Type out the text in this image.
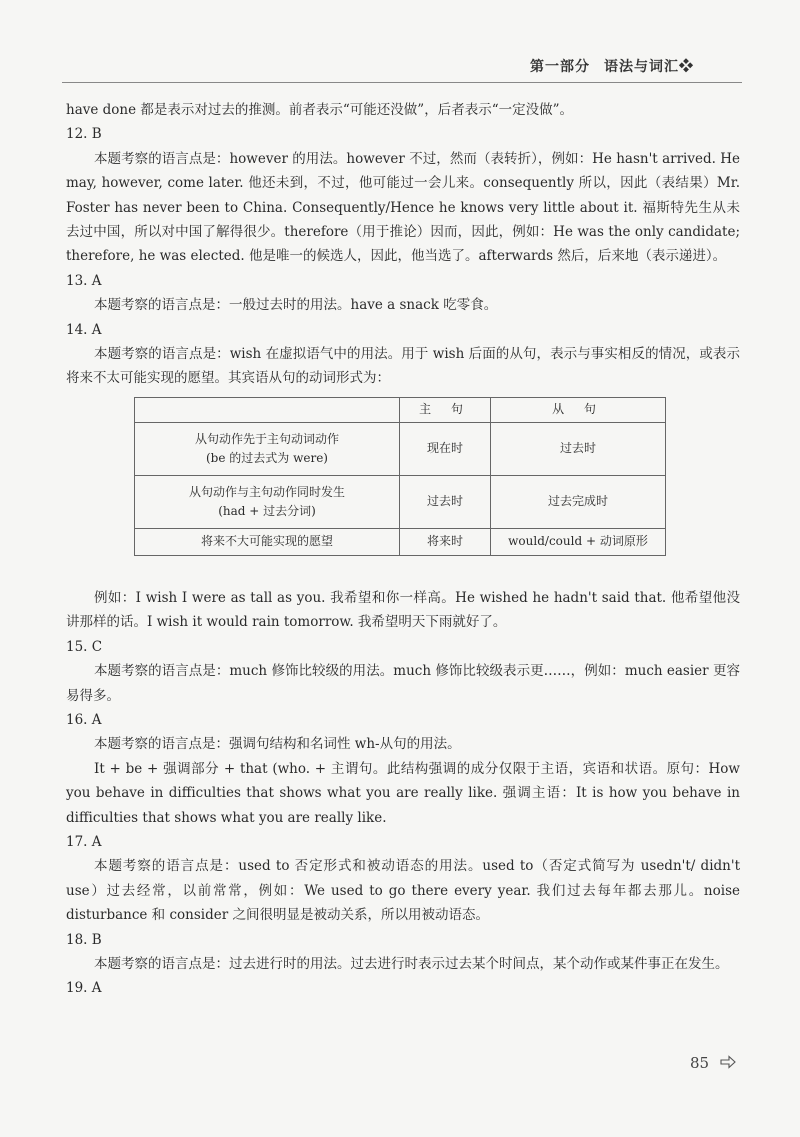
第一部分 语法与词汇❖

have done 都是表示对过去的推测。前者表示“可能还没做”，后者表示“一定没做”。

12. B

本题考察的语言点是：however 的用法。however 不过，然而（表转折），例如：He hasn't arrived. He may, however, come later. 他还未到，不过，他可能过一会儿来。consequently 所以，因此（表结果）Mr. Foster has never been to China. Consequently/Hence he knows very little about it. 福斯特先生从未去过中国，所以对中国了解得很少。therefore（用于推论）因而，因此，例如：He was the only candidate; therefore, he was elected. 他是唯一的候选人，因此，他当选了。afterwards 然后，后来地（表示递进）。

13. A

本题考察的语言点是：一般过去时的用法。have a snack 吃零食。

14. A

本题考察的语言点是：wish 在虚拟语气中的用法。用于 wish 后面的从句，表示与事实相反的情况，或表示将来不太可能实现的愿望。其宾语从句的动词形式为：

	主 句	从 句

从句动作先于主句动词动作
(be 的过去式为 were)	现在时	过去时

从句动作与主句动作同时发生
(had + 过去分词)	过去时	过去完成时
将来不大可能实现的愿望	将来时	would/could + 动词原形

例如：I wish I were as tall as you. 我希望和你一样高。He wished he hadn't said that. 他希望他没讲那样的话。I wish it would rain tomorrow. 我希望明天下雨就好了。

15. C

本题考察的语言点是：much 修饰比较级的用法。much 修饰比较级表示更……，例如：much easier 更容易得多。

16. A

本题考察的语言点是：强调句结构和名词性 wh-从句的用法。

It + be + 强调部分 + that (who. + 主谓句。此结构强调的成分仅限于主语，宾语和状语。原句：How you behave in difficulties that shows what you are really like. 强调主语：It is how you behave in difficulties that shows what you are really like.

17. A

本题考察的语言点是：used to 否定形式和被动语态的用法。used to（否定式简写为 usedn't/ didn't use）过去经常，以前常常，例如：We used to go there every year. 我们过去每年都去那儿。noise disturbance 和 consider 之间很明显是被动关系，所以用被动语态。

18. B

本题考察的语言点是：过去进行时的用法。过去进行时表示过去某个时间点，某个动作或某件事正在发生。

19. A

85
